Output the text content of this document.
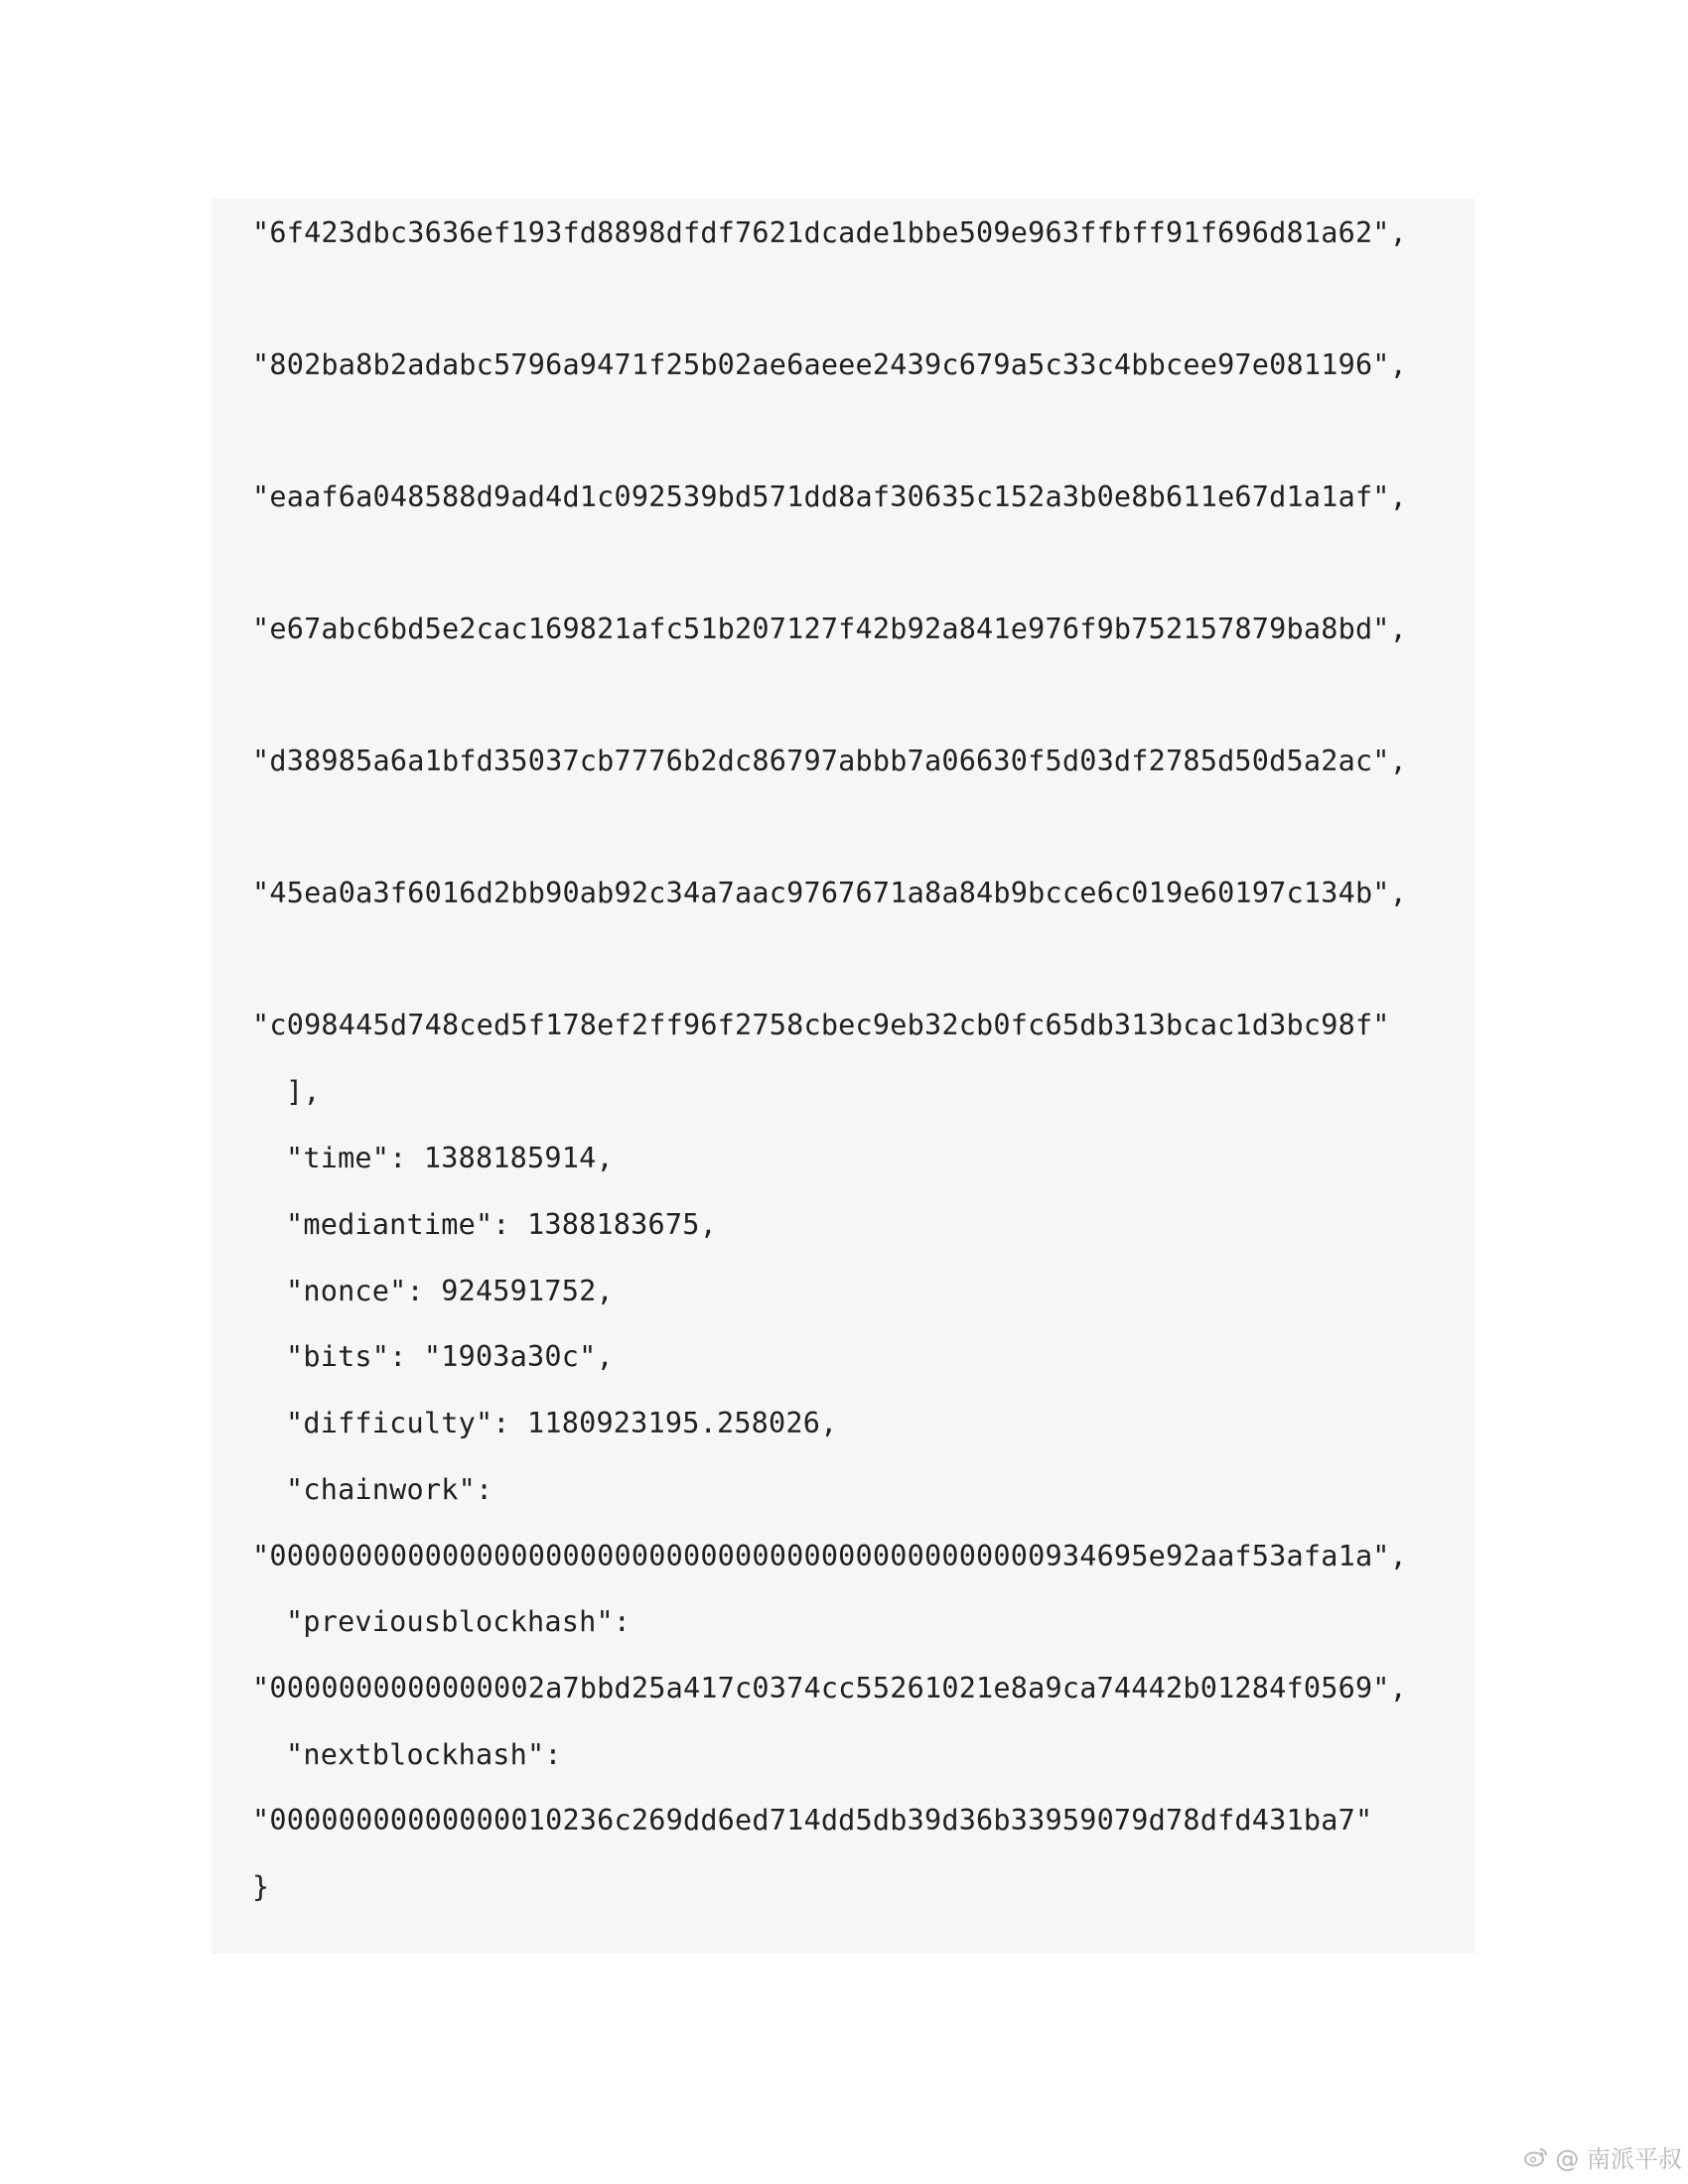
"6f423dbc3636ef193fd8898dfdf7621dcade1bbe509e963ffbff91f696d81a62",
"802ba8b2adabc5796a9471f25b02ae6aeee2439c679a5c33c4bbcee97e081196",
"eaaf6a048588d9ad4d1c092539bd571dd8af30635c152a3b0e8b611e67d1a1af",
"e67abc6bd5e2cac169821afc51b207127f42b92a841e976f9b752157879ba8bd",
"d38985a6a1bfd35037cb7776b2dc86797abbb7a06630f5d03df2785d50d5a2ac",
"45ea0a3f6016d2bb90ab92c34a7aac9767671a8a84b9bcce6c019e60197c134b",
"c098445d748ced5f178ef2ff96f2758cbec9eb32cb0fc65db313bcac1d3bc98f"
],
"time": 1388185914,
"mediantime": 1388183675,
"nonce": 924591752,
"bits": "1903a30c",
"difficulty": 1180923195.258026,
"chainwork":
"000000000000000000000000000000000000000000000934695e92aaf53afa1a",
"previousblockhash":
"0000000000000002a7bbd25a417c0374cc55261021e8a9ca74442b01284f0569",
"nextblockhash":
"00000000000000010236c269dd6ed714dd5db39d36b33959079d78dfd431ba7"
}
@ 南派平叔
